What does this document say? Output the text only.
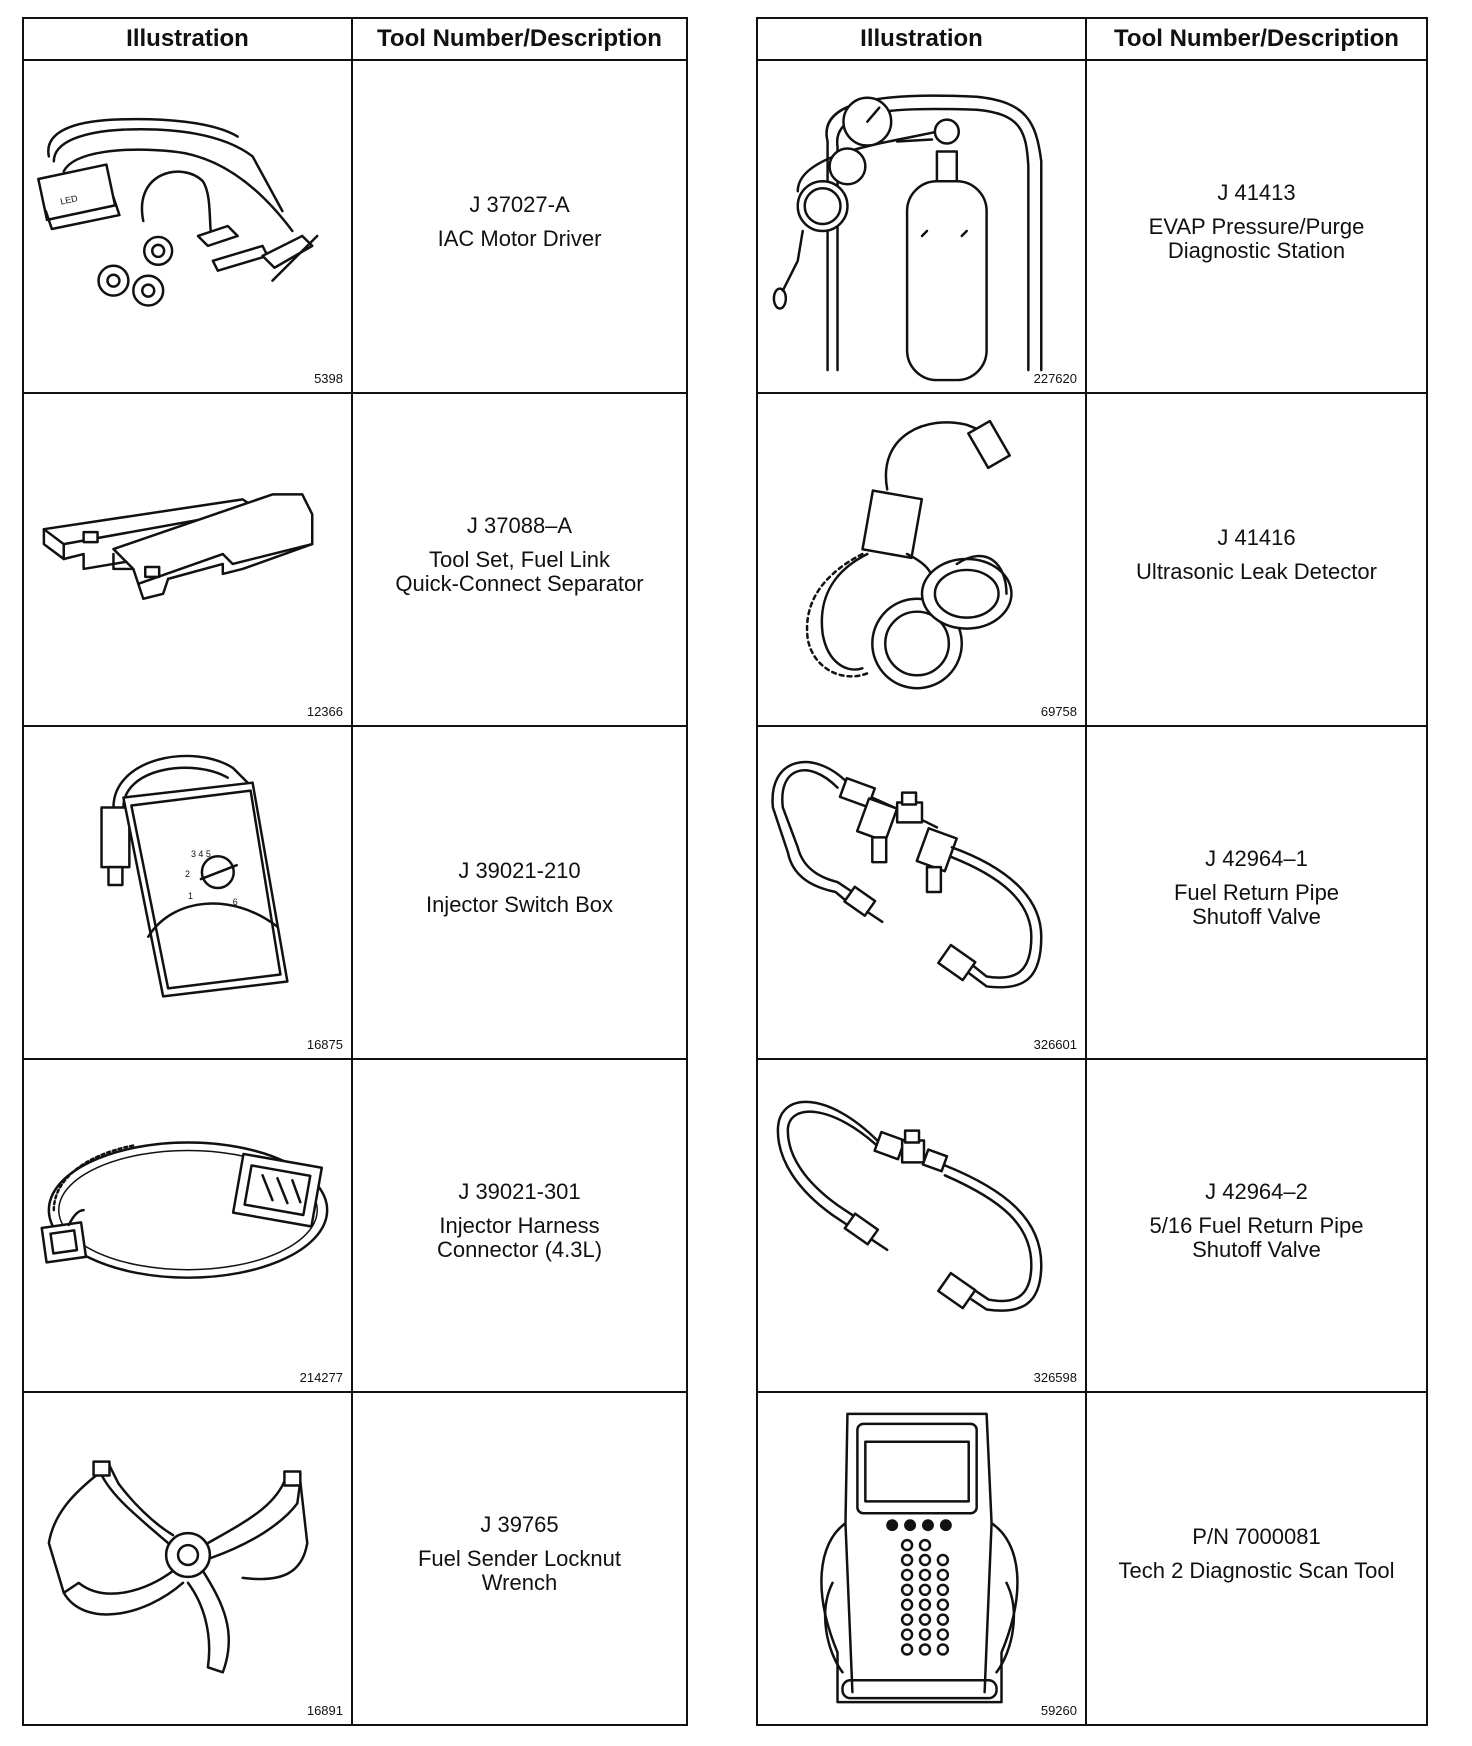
Illustration	Tool Number/Description
LED
5398
J 37027-A
IAC Motor Driver
12366
J 37088–A
Tool Set, Fuel Link
Quick-Connect Separator
3 4 5
2
1
6
16875
J 39021-210
Injector Switch Box
214277
J 39021-301
Injector Harness
Connector (4.3L)
16891
J 39765
Fuel Sender Locknut
Wrench
Illustration	Tool Number/Description
227620
J 41413
EVAP Pressure/Purge
Diagnostic Station
69758
J 41416
Ultrasonic Leak Detector
326601
J 42964–1
Fuel Return Pipe
Shutoff Valve
326598
J 42964–2
5/16 Fuel Return Pipe
Shutoff Valve
59260
P/N 7000081
Tech 2 Diagnostic Scan Tool
